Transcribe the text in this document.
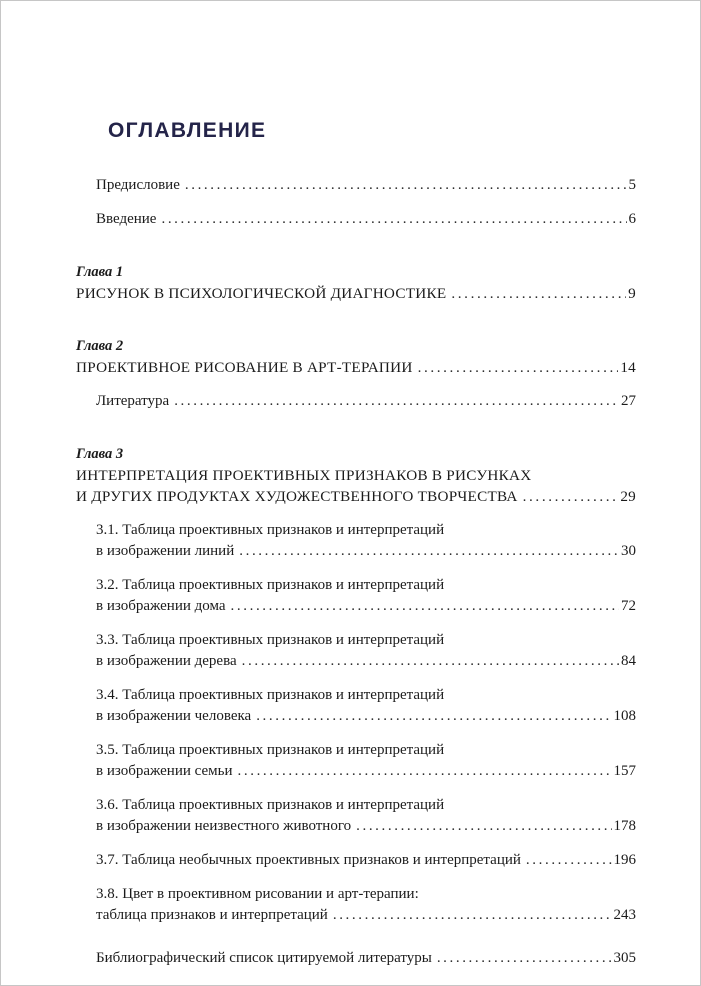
ОГЛАВЛЕНИЕ
Предисловие .....	5
Введение .....	6
Глава 1
РИСУНОК В ПСИХОЛОГИЧЕСКОЙ ДИАГНОСТИКЕ .....	9
Глава 2
ПРОЕКТИВНОЕ РИСОВАНИЕ В АРТ-ТЕРАПИИ .....	14
Литература .....	27
Глава 3
ИНТЕРПРЕТАЦИЯ ПРОЕКТИВНЫХ ПРИЗНАКОВ В РИСУНКАХ
И ДРУГИХ ПРОДУКТАХ ХУДОЖЕСТВЕННОГО ТВОРЧЕСТВА .....	29
3.1. Таблица проективных признаков и интерпретаций
в изображении линий .....	30
3.2. Таблица проективных признаков и интерпретаций
в изображении дома .....	72
3.3. Таблица проективных признаков и интерпретаций
в изображении дерева .....	84
3.4. Таблица проективных признаков и интерпретаций
в изображении человека .....	108
3.5. Таблица проективных признаков и интерпретаций
в изображении семьи .....	157
3.6. Таблица проективных признаков и интерпретаций
в изображении неизвестного животного .....	178
3.7. Таблица необычных проективных признаков и интерпретаций .....	196
3.8. Цвет в проективном рисовании и арт-терапии:
таблица признаков и интерпретаций .....	243
Библиографический список цитируемой литературы .....	305
